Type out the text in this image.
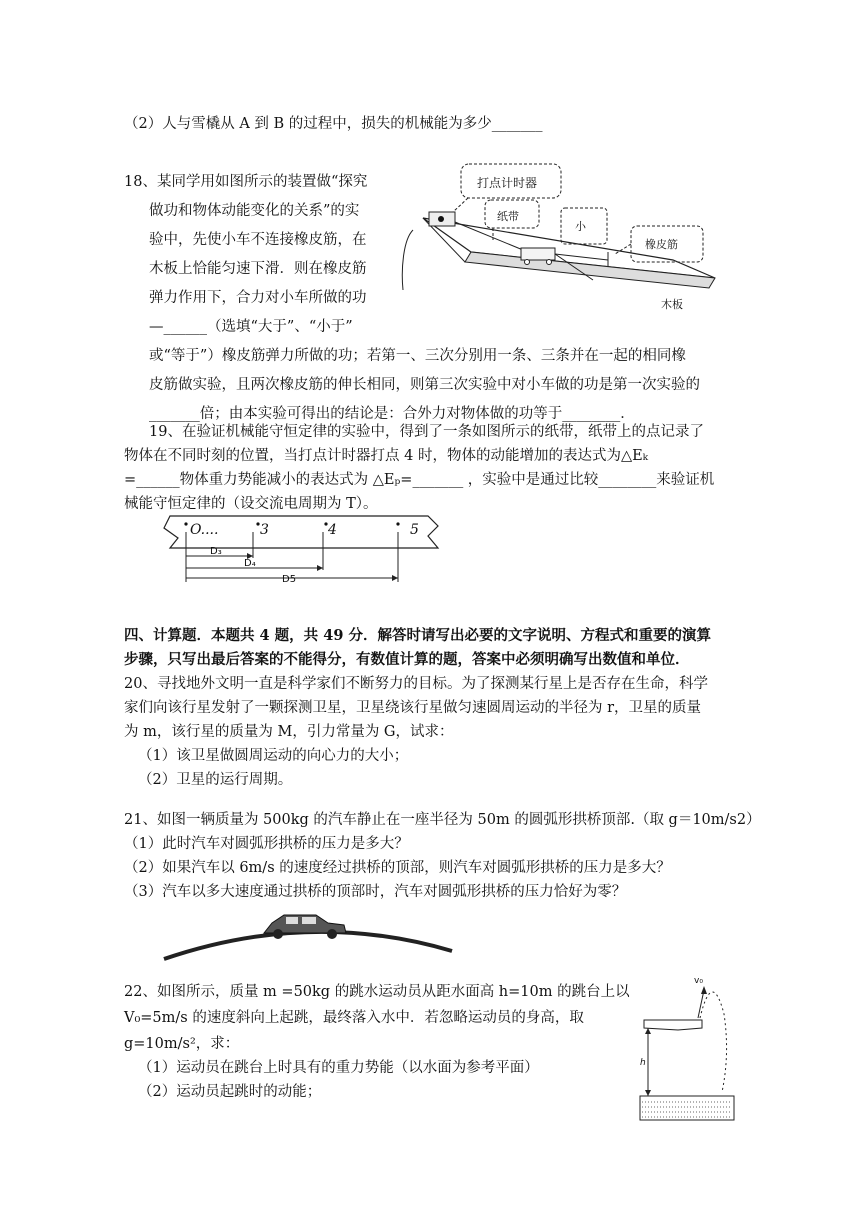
（2）人与雪橇从 A 到 B 的过程中，损失的机械能为多少_______
18、某同学用如图所示的装置做“探究
做功和物体动能变化的关系”的实
验中，先使小车不连接橡皮筋，在
木板上恰能匀速下滑．则在橡皮筋
弹力作用下，合力对小车所做的功
—______（选填“大于”、“小于”
或“等于”）橡皮筋弹力所做的功；若第一、三次分别用一条、三条并在一起的相同橡
皮筋做实验，且两次橡皮筋的伸长相同，则第三次实验中对小车做的功是第一次实验的
_______倍；由本实验可得出的结论是：合外力对物体做的功等于________．
打点计时器
纸带
小
橡皮筋
木板
19、在验证机械能守恒定律的实验中，得到了一条如图所示的纸带，纸带上的点记录了
物体在不同时刻的位置，当打点计时器打点 4 时，物体的动能增加的表达式为△Eₖ
=______物体重力势能减小的表达式为 △Eₚ=_______ ，实验中是通过比较________来验证机
械能守恒定律的（设交流电周期为 T）。
O....	3	4	5
D₃
D₄
D5
四、计算题．本题共 4 题，共 49 分．解答时请写出必要的文字说明、方程式和重要的演算
步骤，只写出最后答案的不能得分，有数值计算的题，答案中必须明确写出数值和单位．
20、寻找地外文明一直是科学家们不断努力的目标。为了探测某行星上是否存在生命，科学
家们向该行星发射了一颗探测卫星，卫星绕该行星做匀速圆周运动的半径为 r，卫星的质量
为 m，该行星的质量为 M，引力常量为 G，试求：
（1）该卫星做圆周运动的向心力的大小；
（2）卫星的运行周期。
21、如图一辆质量为 500kg 的汽车静止在一座半径为 50m 的圆弧形拱桥顶部.（取 g＝10m/s2）
（1）此时汽车对圆弧形拱桥的压力是多大？
（2）如果汽车以 6m/s 的速度经过拱桥的顶部，则汽车对圆弧形拱桥的压力是多大？
（3）汽车以多大速度通过拱桥的顶部时，汽车对圆弧形拱桥的压力恰好为零？
22、如图所示，质量 m =50kg 的跳水运动员从距水面高 h=10m 的跳台上以
V₀=5m/s 的速度斜向上起跳，最终落入水中．若忽略运动员的身高，取
g=10m/s²，求：
（1）运动员在跳台上时具有的重力势能（以水面为参考平面）
（2）运动员起跳时的动能；
v₀
h
